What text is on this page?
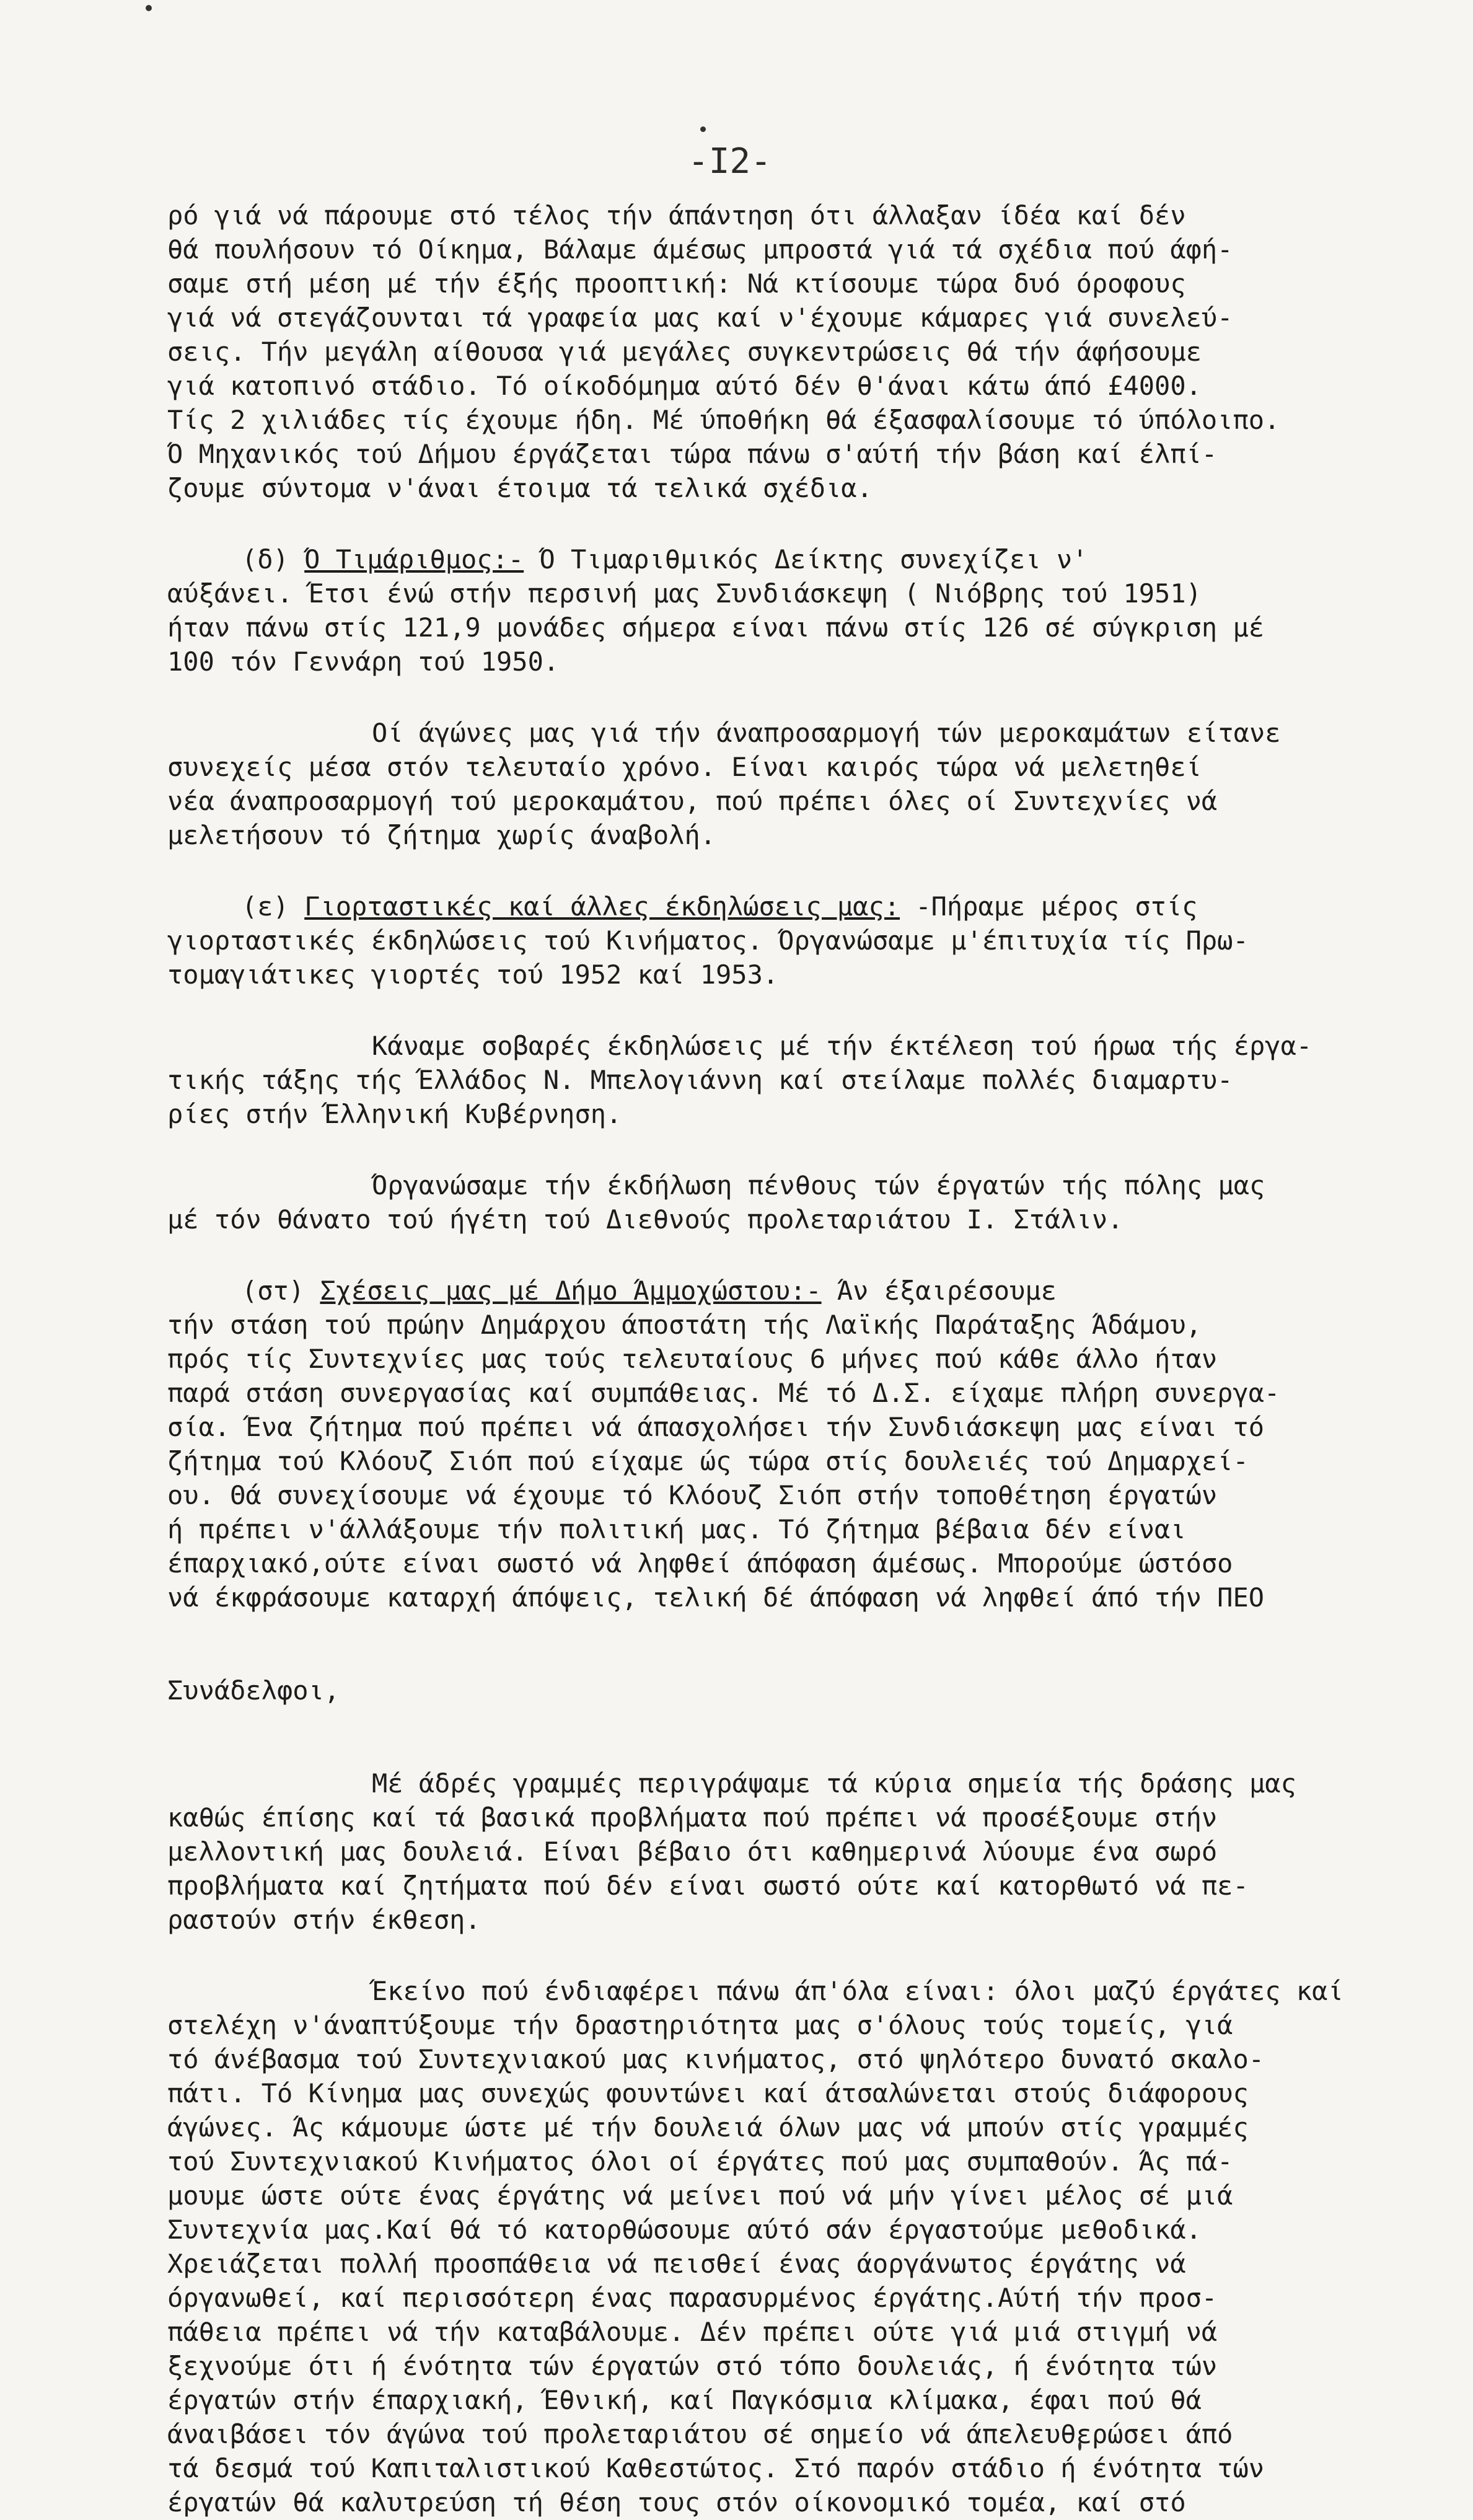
-I2-
ρό γιά νά πάρουμε στό τέλος τήν άπάντηση ότι άλλαξαν ίδέα καί δέν
θά πουλήσουν τό Οίκημα, Βάλαμε άμέσως μπροστά γιά τά σχέδια πού άφή-
σαμε στή μέση μέ τήν έξής προοπτική: Νά κτίσουμε τώρα δυό όροφους
γιά νά στεγάζουνται τά γραφεία μας καί ν'έχουμε κάμαρες γιά συνελεύ-
σεις. Τήν μεγάλη αίθουσα γιά μεγάλες συγκεντρώσεις θά τήν άφήσουμε
γιά κατοπινό στάδιο. Τό οίκοδόμημα αύτό δέν θ'άναι κάτω άπό £4000.
Τίς 2 χιλιάδες τίς έχουμε ήδη. Μέ ύποθήκη θά έξασφαλίσουμε τό ύπόλοιπο.
Ό Μηχανικός τού Δήμου έργάζεται τώρα πάνω σ'αύτή τήν βάση καί έλπί-
ζουμε σύντομα ν'άναι έτοιμα τά τελικά σχέδια.
(δ) Ό Τιμάριθμος:- Ό Τιμαριθμικός Δείκτης συνεχίζει ν'
αύξάνει. Έτσι ένώ στήν περσινή μας Συνδιάσκεψη ( Νιόβρης τού 1951)
ήταν πάνω στίς 121,9 μονάδες σήμερα είναι πάνω στίς 126 σέ σύγκριση μέ
100 τόν Γεννάρη τού 1950.
Οί άγώνες μας γιά τήν άναπροσαρμογή τών μεροκαμάτων είτανε
συνεχείς μέσα στόν τελευταίο χρόνο. Είναι καιρός τώρα νά μελετηθεί
νέα άναπροσαρμογή τού μεροκαμάτου, πού πρέπει όλες οί Συντεχνίες νά
μελετήσουν τό ζήτημα χωρίς άναβολή.
(ε) Γιορταστικές καί άλλες έκδηλώσεις μας: -Πήραμε μέρος στίς
γιορταστικές έκδηλώσεις τού Κινήματος. Όργανώσαμε μ'έπιτυχία τίς Πρω-
τομαγιάτικες γιορτές τού 1952 καί 1953.
Κάναμε σοβαρές έκδηλώσεις μέ τήν έκτέλεση τού ήρωα τής έργα-
τικής τάξης τής Έλλάδος Ν. Μπελογιάννη καί στείλαμε πολλές διαμαρτυ-
ρίες στήν Έλληνική Κυβέρνηση.
Όργανώσαμε τήν έκδήλωση πένθους τών έργατών τής πόλης μας
μέ τόν θάνατο τού ήγέτη τού Διεθνούς προλεταριάτου Ι. Στάλιν.
(στ) Σχέσεις μας μέ Δήμο Άμμοχώστου:- Άν έξαιρέσουμε
τήν στάση τού πρώην Δημάρχου άποστάτη τής Λαϊκής Παράταξης Άδάμου,
πρός τίς Συντεχνίες μας τούς τελευταίους 6 μήνες πού κάθε άλλο ήταν
παρά στάση συνεργασίας καί συμπάθειας. Μέ τό Δ.Σ. είχαμε πλήρη συνεργα-
σία. Ένα ζήτημα πού πρέπει νά άπασχολήσει τήν Συνδιάσκεψη μας είναι τό
ζήτημα τού Κλόουζ Σιόπ πού είχαμε ώς τώρα στίς δουλειές τού Δημαρχεί-
ου. Θά συνεχίσουμε νά έχουμε τό Κλόουζ Σιόπ στήν τοποθέτηση έργατών
ή πρέπει ν'άλλάξουμε τήν πολιτική μας. Τό ζήτημα βέβαια δέν είναι
έπαρχιακό,ούτε είναι σωστό νά ληφθεί άπόφαση άμέσως. Μπορούμε ώστόσο
νά έκφράσουμε καταρχή άπόψεις, τελική δέ άπόφαση νά ληφθεί άπό τήν ΠΕΟ
Συνάδελφοι,
Μέ άδρές γραμμές περιγράψαμε τά κύρια σημεία τής δράσης μας
καθώς έπίσης καί τά βασικά προβλήματα πού πρέπει νά προσέξουμε στήν
μελλοντική μας δουλειά. Είναι βέβαιο ότι καθημερινά λύουμε ένα σωρό
προβλήματα καί ζητήματα πού δέν είναι σωστό ούτε καί κατορθωτό νά πε-
ραστούν στήν έκθεση.
Έκείνο πού ένδιαφέρει πάνω άπ'όλα είναι: όλοι μαζύ έργάτες καί
στελέχη ν'άναπτύξουμε τήν δραστηριότητα μας σ'όλους τούς τομείς, γιά
τό άνέβασμα τού Συντεχνιακού μας κινήματος, στό ψηλότερο δυνατό σκαλο-
πάτι. Τό Κίνημα μας συνεχώς φουντώνει καί άτσαλώνεται στούς διάφορους
άγώνες. Άς κάμουμε ώστε μέ τήν δουλειά όλων μας νά μπούν στίς γραμμές
τού Συντεχνιακού Κινήματος όλοι οί έργάτες πού μας συμπαθούν. Άς πά-
μουμε ώστε ούτε ένας έργάτης νά μείνει πού νά μήν γίνει μέλος σέ μιά
Συντεχνία μας.Καί θά τό κατορθώσουμε αύτό σάν έργαστούμε μεθοδικά.
Χρειάζεται πολλή προσπάθεια νά πεισθεί ένας άοργάνωτος έργάτης νά
όργανωθεί, καί περισσότερη ένας παρασυρμένος έργάτης.Αύτή τήν προσ-
πάθεια πρέπει νά τήν καταβάλουμε. Δέν πρέπει ούτε γιά μιά στιγμή νά
ξεχνούμε ότι ή ένότητα τών έργατών στό τόπο δουλειάς, ή ένότητα τών
έργατών στήν έπαρχιακή, Έθνική, καί Παγκόσμια κλίμακα, έφαι πού θά
άναιβάσει τόν άγώνα τού προλεταριάτου σέ σημείο νά άπελευθερώσει άπό
τά δεσμά τού Καπιταλιστικού Καθεστώτος. Στό παρόν στάδιο ή ένότητα τών
έργατών θά καλυτρεύση τή θέση τους στόν οίκονομικό τομέα, καί στό
